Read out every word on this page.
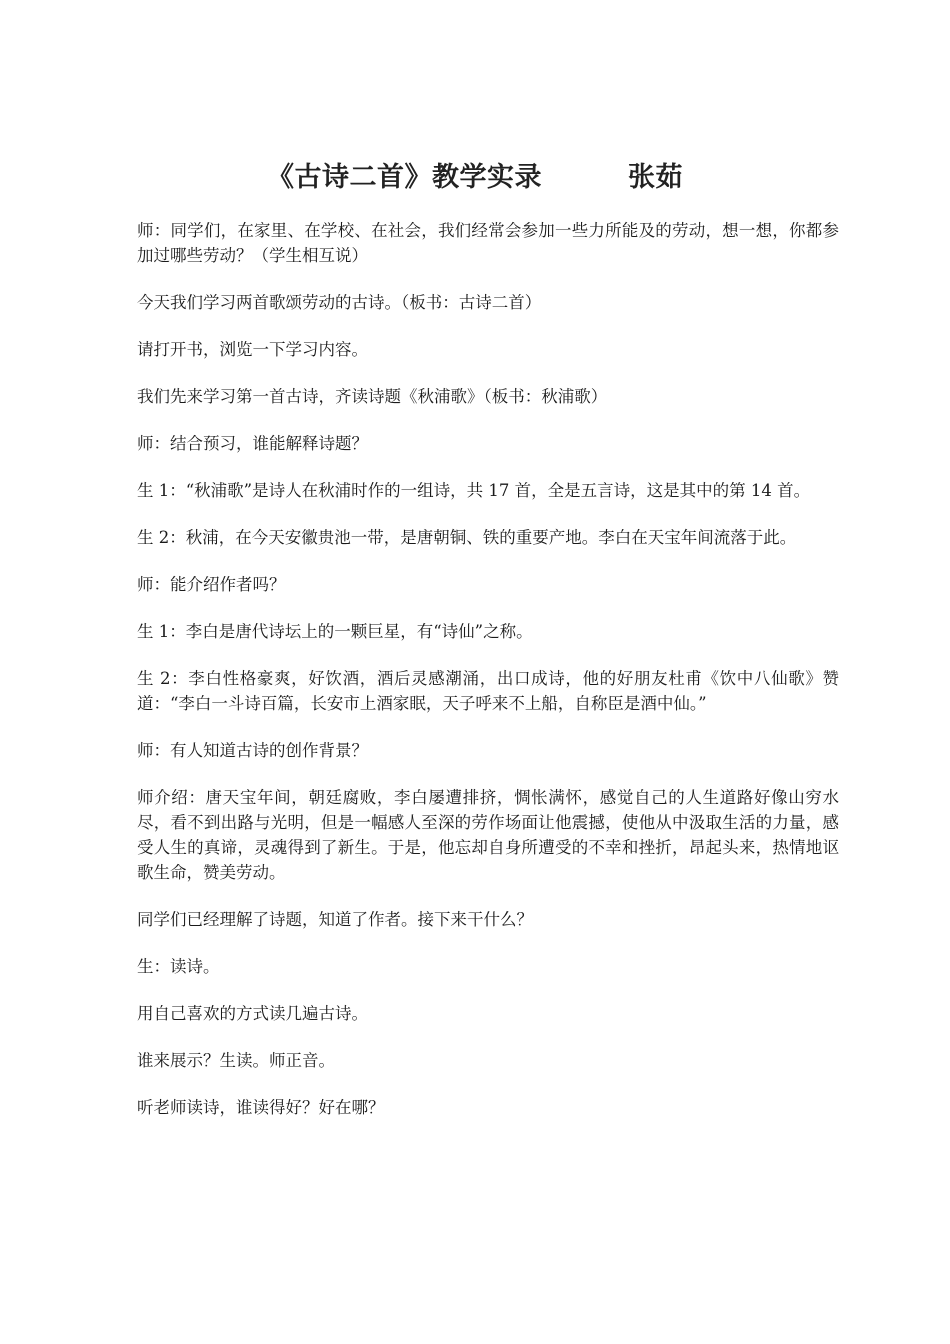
《古诗二首》教学实录	张茹

师：同学们，在家里、在学校、在社会，我们经常会参加一些力所能及的劳动，想一想，你都参加过哪些劳动？（学生相互说）

今天我们学习两首歌颂劳动的古诗。（板书：古诗二首）

请打开书，浏览一下学习内容。

我们先来学习第一首古诗，齐读诗题《秋浦歌》（板书：秋浦歌）

师：结合预习，谁能解释诗题？

生 1：“秋浦歌”是诗人在秋浦时作的一组诗，共 17 首，全是五言诗，这是其中的第 14 首。

生 2：秋浦，在今天安徽贵池一带，是唐朝铜、铁的重要产地。李白在天宝年间流落于此。

师：能介绍作者吗？

生 1：李白是唐代诗坛上的一颗巨星，有“诗仙”之称。

生 2：李白性格豪爽，好饮酒，酒后灵感潮涌，出口成诗，他的好朋友杜甫《饮中八仙歌》赞道：“李白一斗诗百篇，长安市上酒家眠，天子呼来不上船，自称臣是酒中仙。”

师：有人知道古诗的创作背景？

师介绍：唐天宝年间，朝廷腐败，李白屡遭排挤，惆怅满怀，感觉自己的人生道路好像山穷水尽，看不到出路与光明，但是一幅感人至深的劳作场面让他震撼，使他从中汲取生活的力量，感受人生的真谛，灵魂得到了新生。于是，他忘却自身所遭受的不幸和挫折，昂起头来，热情地讴歌生命，赞美劳动。

同学们已经理解了诗题，知道了作者。接下来干什么？

生：读诗。

用自己喜欢的方式读几遍古诗。

谁来展示？生读。师正音。

听老师读诗，谁读得好？好在哪？
